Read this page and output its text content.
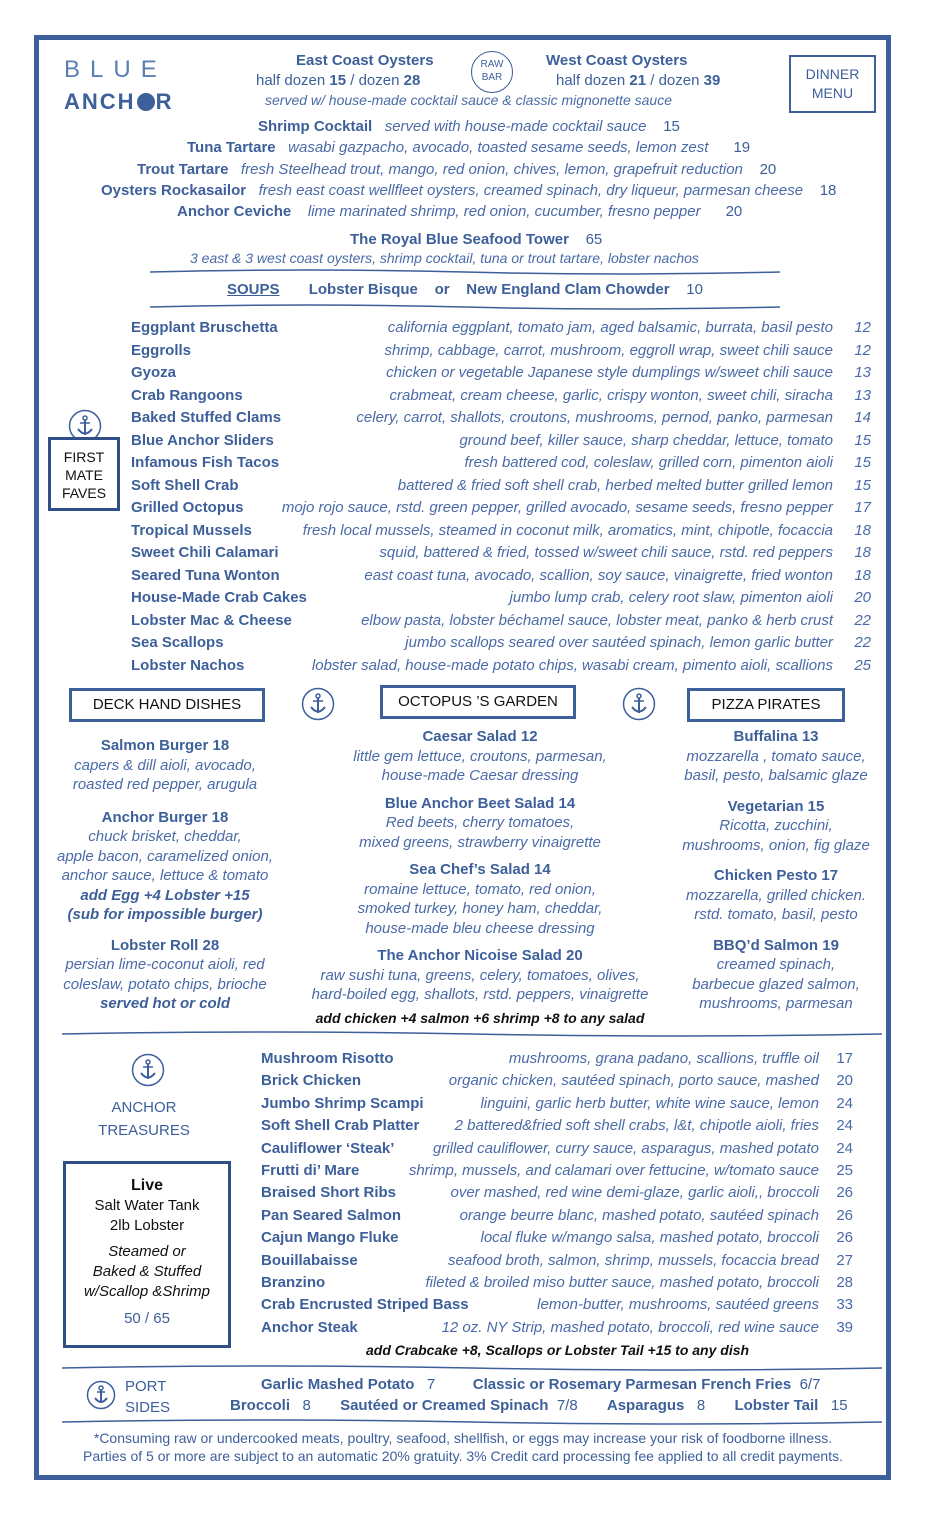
BLUE
ANCH R
East Coast Oysters
half dozen 15 / dozen 28
RAW
BAR
West Coast Oysters
half dozen 21 / dozen 39
served w/ house-made cocktail sauce & classic mignonette sauce
DINNER
MENU
Shrimp Cocktail served with house-made cocktail sauce 15
Tuna Tartare wasabi gazpacho, avocado, toasted sesame seeds, lemon zest 19
Trout Tartare fresh Steelhead trout, mango, red onion, chives, lemon, grapefruit reduction 20
Oysters Rockasailor fresh east coast wellfleet oysters, creamed spinach, dry liqueur, parmesan cheese 18
Anchor Ceviche lime marinated shrimp, red onion, cucumber, fresno pepper 20
The Royal Blue Seafood Tower 65
3 east & 3 west coast oysters, shrimp cocktail, tuna or trout tartare, lobster nachos
SOUPS Lobster Bisque or New England Clam Chowder 10
FIRST
MATE
FAVES
Eggplant Bruschetta	california eggplant, tomato jam, aged balsamic, burrata, basil pesto 12
Eggrolls	shrimp, cabbage, carrot, mushroom, eggroll wrap, sweet chili sauce 12
Gyoza	chicken or vegetable Japanese style dumplings w/sweet chili sauce 13
Crab Rangoons	crabmeat, cream cheese, garlic, crispy wonton, sweet chili, siracha 13
Baked Stuffed Clams	celery, carrot, shallots, croutons, mushrooms, pernod, panko, parmesan 14
Blue Anchor Sliders	ground beef, killer sauce, sharp cheddar, lettuce, tomato 15
Infamous Fish Tacos	fresh battered cod, coleslaw, grilled corn, pimenton aioli 15
Soft Shell Crab	battered & fried soft shell crab, herbed melted butter grilled lemon 15
Grilled Octopus	mojo rojo sauce, rstd. green pepper, grilled avocado, sesame seeds, fresno pepper 17
Tropical Mussels	fresh local mussels, steamed in coconut milk, aromatics, mint, chipotle, focaccia 18
Sweet Chili Calamari	squid, battered & fried, tossed w/sweet chili sauce, rstd. red peppers 18
Seared Tuna Wonton	east coast tuna, avocado, scallion, soy sauce, vinaigrette, fried wonton 18
House-Made Crab Cakes	jumbo lump crab, celery root slaw, pimenton aioli 20
Lobster Mac & Cheese	elbow pasta, lobster béchamel sauce, lobster meat, panko & herb crust 22
Sea Scallops	jumbo scallops seared over sautéed spinach, lemon garlic butter 22
Lobster Nachos	lobster salad, house-made potato chips, wasabi cream, pimento aioli, scallions 25
DECK HAND DISHES	OCTOPUS ’S GARDEN	PIZZA PIRATES
Salmon Burger 18
capers & dill aioli, avocado,
roasted red pepper, arugula
Anchor Burger 18
chuck brisket, cheddar,
apple bacon, caramelized onion,
anchor sauce, lettuce & tomato
add Egg +4 Lobster +15
(sub for impossible burger)
Lobster Roll 28
persian lime-coconut aioli, red
coleslaw, potato chips, brioche
served hot or cold
Caesar Salad 12
little gem lettuce, croutons, parmesan,
house-made Caesar dressing
Blue Anchor Beet Salad 14
Red beets, cherry tomatoes,
mixed greens, strawberry vinaigrette
Sea Chef’s Salad 14
romaine lettuce, tomato, red onion,
smoked turkey, honey ham, cheddar,
house-made bleu cheese dressing
The Anchor Nicoise Salad 20
raw sushi tuna, greens, celery, tomatoes, olives,
hard-boiled egg, shallots, rstd. peppers, vinaigrette
add chicken +4 salmon +6 shrimp +8 to any salad
Buffalina 13
mozzarella , tomato sauce,
basil, pesto, balsamic glaze
Vegetarian 15
Ricotta, zucchini,
mushrooms, onion, fig glaze
Chicken Pesto 17
mozzarella, grilled chicken.
rstd. tomato, basil, pesto
BBQ’d Salmon 19
creamed spinach,
barbecue glazed salmon,
mushrooms, parmesan
ANCHOR
TREASURES
Mushroom Risotto	mushrooms, grana padano, scallions, truffle oil 17
Brick Chicken	organic chicken, sautéed spinach, porto sauce, mashed 20
Jumbo Shrimp Scampi	linguini, garlic herb butter, white wine sauce, lemon 24
Soft Shell Crab Platter 2 battered&fried soft shell crabs, l&t, chipotle aioli, fries 24
Cauliflower ‘Steak’	grilled cauliflower, curry sauce, asparagus, mashed potato 24
Frutti di’ Mare	shrimp, mussels, and calamari over fettucine, w/tomato sauce 25
Braised Short Ribs	over mashed, red wine demi-glaze, garlic aioli,, broccoli 26
Pan Seared Salmon	orange beurre blanc, mashed potato, sautéed spinach 26
Cajun Mango Fluke	local fluke w/mango salsa, mashed potato, broccoli 26
Bouillabaisse	seafood broth, salmon, shrimp, mussels, focaccia bread 27
Branzino	fileted & broiled miso butter sauce, mashed potato, broccoli 28
Crab Encrusted Striped Bass	lemon-butter, mushrooms, sautéed greens 33
Anchor Steak	12 oz. NY Strip, mashed potato, broccoli, red wine sauce 39
add Crabcake +8, Scallops or Lobster Tail +15 to any dish
Live
Salt Water Tank
2lb Lobster
Steamed or
Baked & Stuffed
w/Scallop &Shrimp
50 / 65
PORT
SIDES
Garlic Mashed Potato 7	Classic or Rosemary Parmesan French Fries 6/7
Broccoli 8 Sautéed or Creamed Spinach 7/8 Asparagus 8 Lobster Tail 15
*Consuming raw or undercooked meats, poultry, seafood, shellfish, or eggs may increase your risk of foodborne illness.
Parties of 5 or more are subject to an automatic 20% gratuity. 3% Credit card processing fee applied to all credit payments.
